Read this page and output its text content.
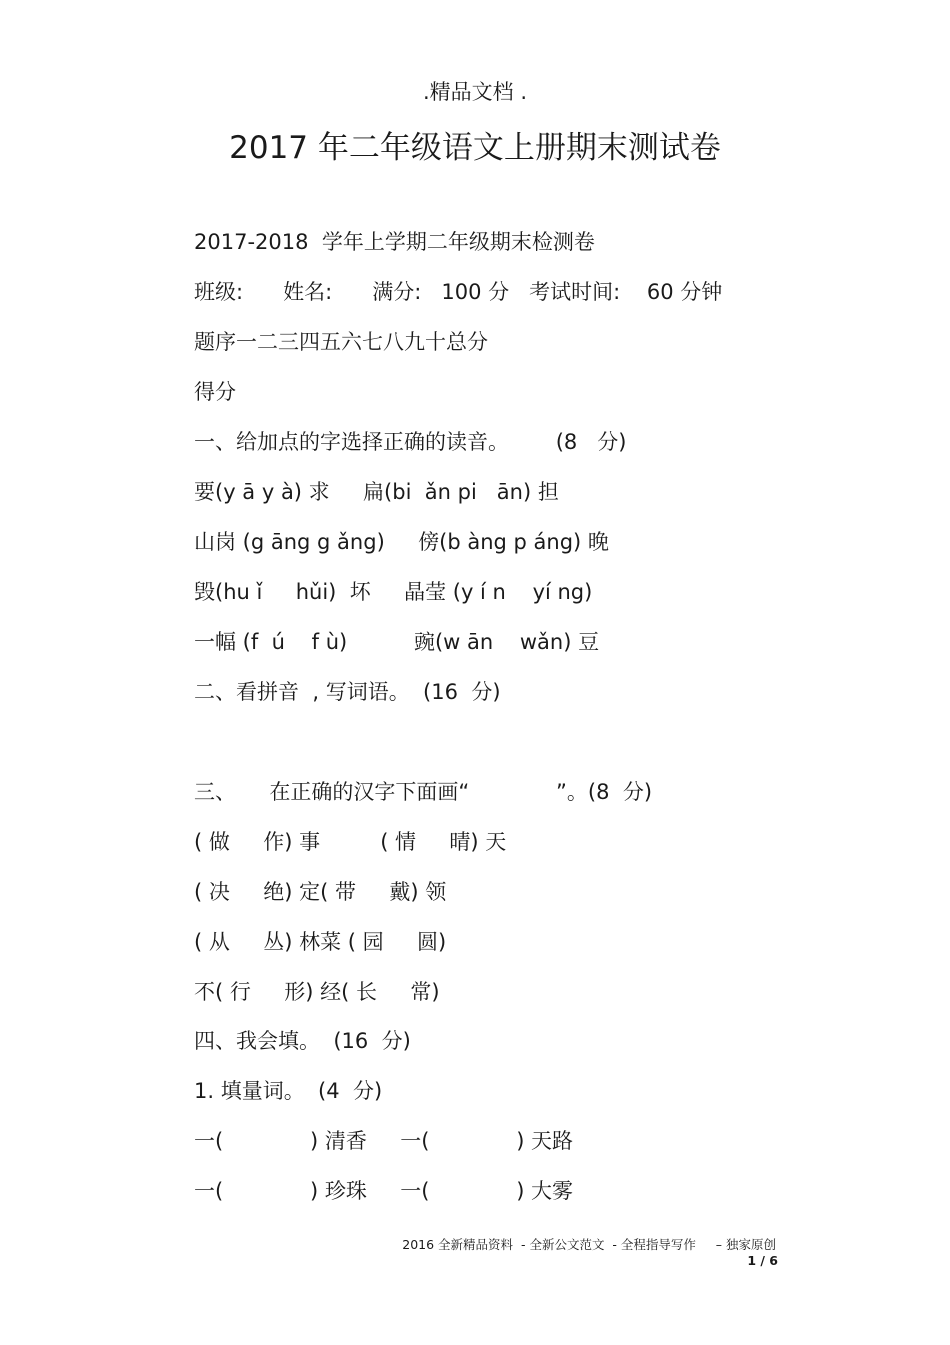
.精品文档 .
2017 年二年级语文上册期末测试卷
2017-2018  学年上学期二年级期末检测卷
班级:      姓名:      满分:   100 分   考试时间:    60 分钟
题序一二三四五六七八九十总分
得分
一、给加点的字选择正确的读音。       (8   分)
要(y ā y à) 求     扁(bi  ǎn pi   ān) 担
山岗 (g āng g ǎng)     傍(b àng p áng) 晚
毁(hu ǐ     hǔi)  坏     晶莹 (y í n    yí ng)
一幅 (f  ú    f ù)          豌(w ān    wǎn) 豆
二、看拼音  , 写词语。  (16  分)
三、     在正确的汉字下面画“             ”。(8  分)
( 做     作) 事         ( 情     晴) 天
( 决     绝) 定( 带     戴) 领
( 从     丛) 林菜 ( 园     圆)
不( 行     形) 经( 长     常)
四、我会填。  (16  分)
1. 填量词。  (4  分)
一(             ) 清香     一(             ) 天路
一(             ) 珍珠     一(             ) 大雾
2016 全新精品资料  - 全新公文范文  - 全程指导写作     – 独家原创
1 / 6
